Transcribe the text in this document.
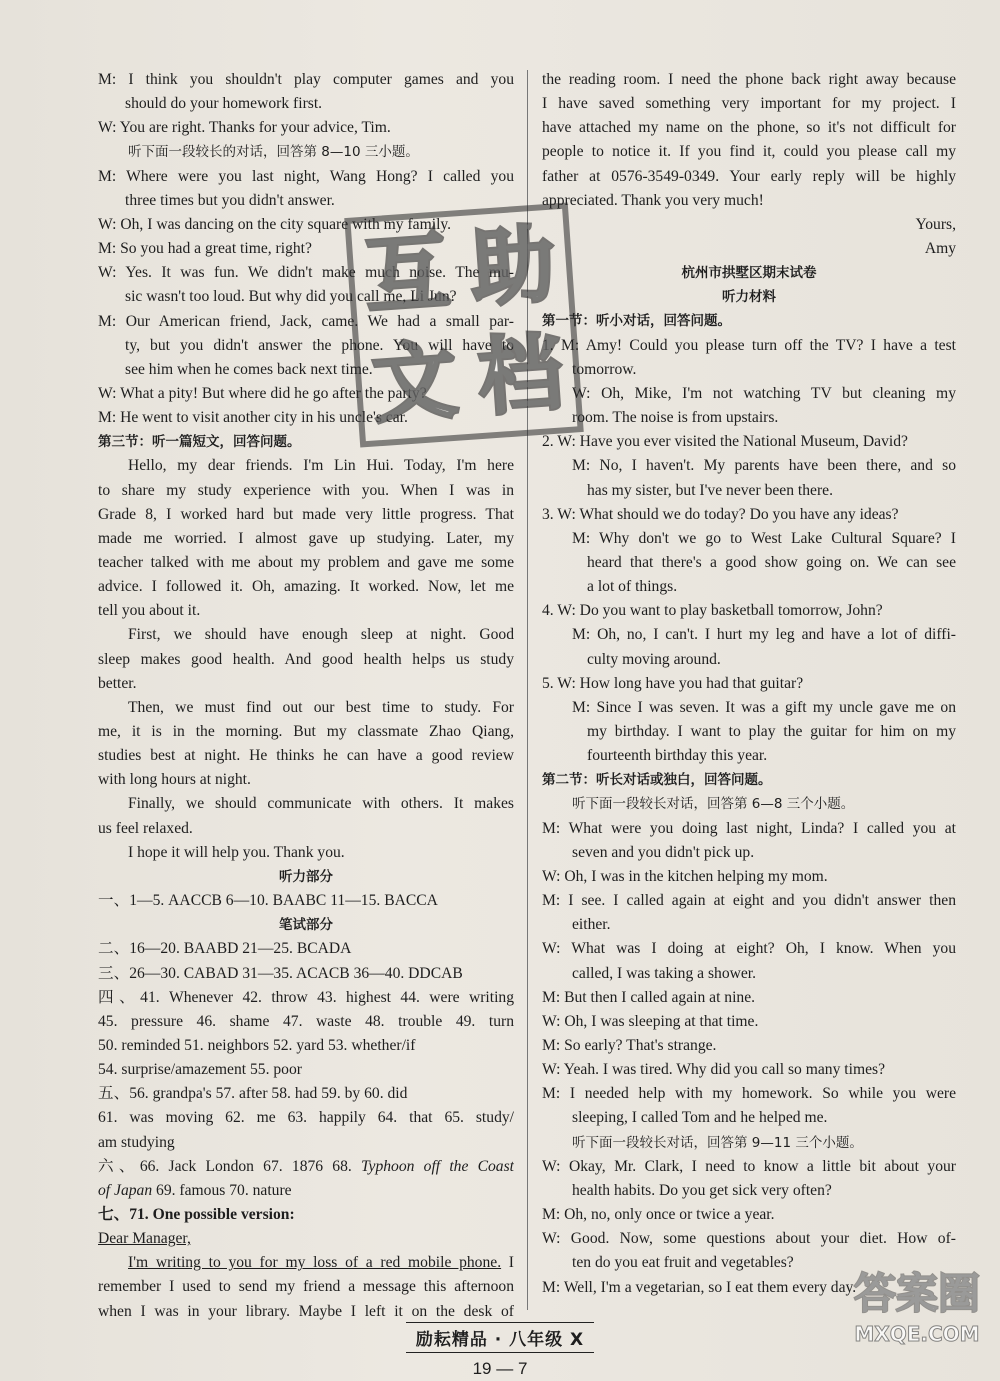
M: I think you shouldn't play computer games and you
should do your homework first.
W: You are right. Thanks for your advice, Tim.
听下面一段较长的对话，回答第 8—10 三小题。
M: Where were you last night, Wang Hong? I called you
three times but you didn't answer.
W: Oh, I was dancing on the city square with my family.
M: So you had a great time, right?
W: Yes. It was fun. We didn't make much noise. The mu-
sic wasn't too loud. But why did you call me, Li Jun?
M: Our American friend, Jack, came. We had a small par-
ty, but you didn't answer the phone. You will have to
see him when he comes back next time.
W: What a pity! But where did he go after the party?
M: He went to visit another city in his uncle's car.
第三节：听一篇短文，回答问题。
Hello, my dear friends. I'm Lin Hui. Today, I'm here
to share my study experience with you. When I was in
Grade 8, I worked hard but made very little progress. That
made me worried. I almost gave up studying. Later, my
teacher talked with me about my problem and gave me some
advice. I followed it. Oh, amazing. It worked. Now, let me
tell you about it.
First, we should have enough sleep at night. Good
sleep makes good health. And good health helps us study
better.
Then, we must find out our best time to study. For
me, it is in the morning. But my classmate Zhao Qiang,
studies best at night. He thinks he can have a good review
with long hours at night.
Finally, we should communicate with others. It makes
us feel relaxed.
I hope it will help you. Thank you.
听力部分
一、1—5. AACCB 6—10. BAABC 11—15. BACCA
笔试部分
二、16—20. BAABD 21—25. BCADA
三、26—30. CABAD 31—35. ACACB 36—40. DDCAB
四、41. Whenever 42. throw 43. highest 44. were writing
45. pressure 46. shame 47. waste 48. trouble 49. turn
50. reminded 51. neighbors 52. yard 53. whether/if
54. surprise/amazement 55. poor
五、56. grandpa's 57. after 58. had 59. by 60. did
61. was moving 62. me 63. happily 64. that 65. study/
am studying
六、66. Jack London 67. 1876 68. Typhoon off the Coast
of Japan 69. famous 70. nature
七、71. One possible version:
Dear Manager,
I'm writing to you for my loss of a red mobile phone. I
remember I used to send my friend a message this afternoon
when I was in your library. Maybe I left it on the desk of
the reading room. I need the phone back right away because
I have saved something very important for my project. I
have attached my name on the phone, so it's not difficult for
people to notice it. If you find it, could you please call my
father at 0576-3549-0349. Your early reply will be highly
appreciated. Thank you very much!
Yours,
Amy
杭州市拱墅区期末试卷
听力材料
第一节：听小对话，回答问题。
1. M: Amy! Could you please turn off the TV? I have a test
tomorrow.
W: Oh, Mike, I'm not watching TV but cleaning my
room. The noise is from upstairs.
2. W: Have you ever visited the National Museum, David?
M: No, I haven't. My parents have been there, and so
has my sister, but I've never been there.
3. W: What should we do today? Do you have any ideas?
M: Why don't we go to West Lake Cultural Square? I
heard that there's a good show going on. We can see
a lot of things.
4. W: Do you want to play basketball tomorrow, John?
M: Oh, no, I can't. I hurt my leg and have a lot of diffi-
culty moving around.
5. W: How long have you had that guitar?
M: Since I was seven. It was a gift my uncle gave me on
my birthday. I want to play the guitar for him on my
fourteenth birthday this year.
第二节：听长对话或独白，回答问题。
听下面一段较长对话，回答第 6—8 三个小题。
M: What were you doing last night, Linda? I called you at
seven and you didn't pick up.
W: Oh, I was in the kitchen helping my mom.
M: I see. I called again at eight and you didn't answer then
either.
W: What was I doing at eight? Oh, I know. When you
called, I was taking a shower.
M: But then I called again at nine.
W: Oh, I was sleeping at that time.
M: So early? That's strange.
W: Yeah. I was tired. Why did you call so many times?
M: I needed help with my homework. So while you were
sleeping, I called Tom and he helped me.
听下面一段较长对话，回答第 9—11 三个小题。
W: Okay, Mr. Clark, I need to know a little bit about your
health habits. Do you get sick very often?
M: Oh, no, only once or twice a year.
W: Good. Now, some questions about your diet. How of-
ten do you eat fruit and vegetables?
M: Well, I'm a vegetarian, so I eat them every day.
互 助
文 档
答案圈
MXQE.COM
励耘精品 · 八年级 X
19 — 7
